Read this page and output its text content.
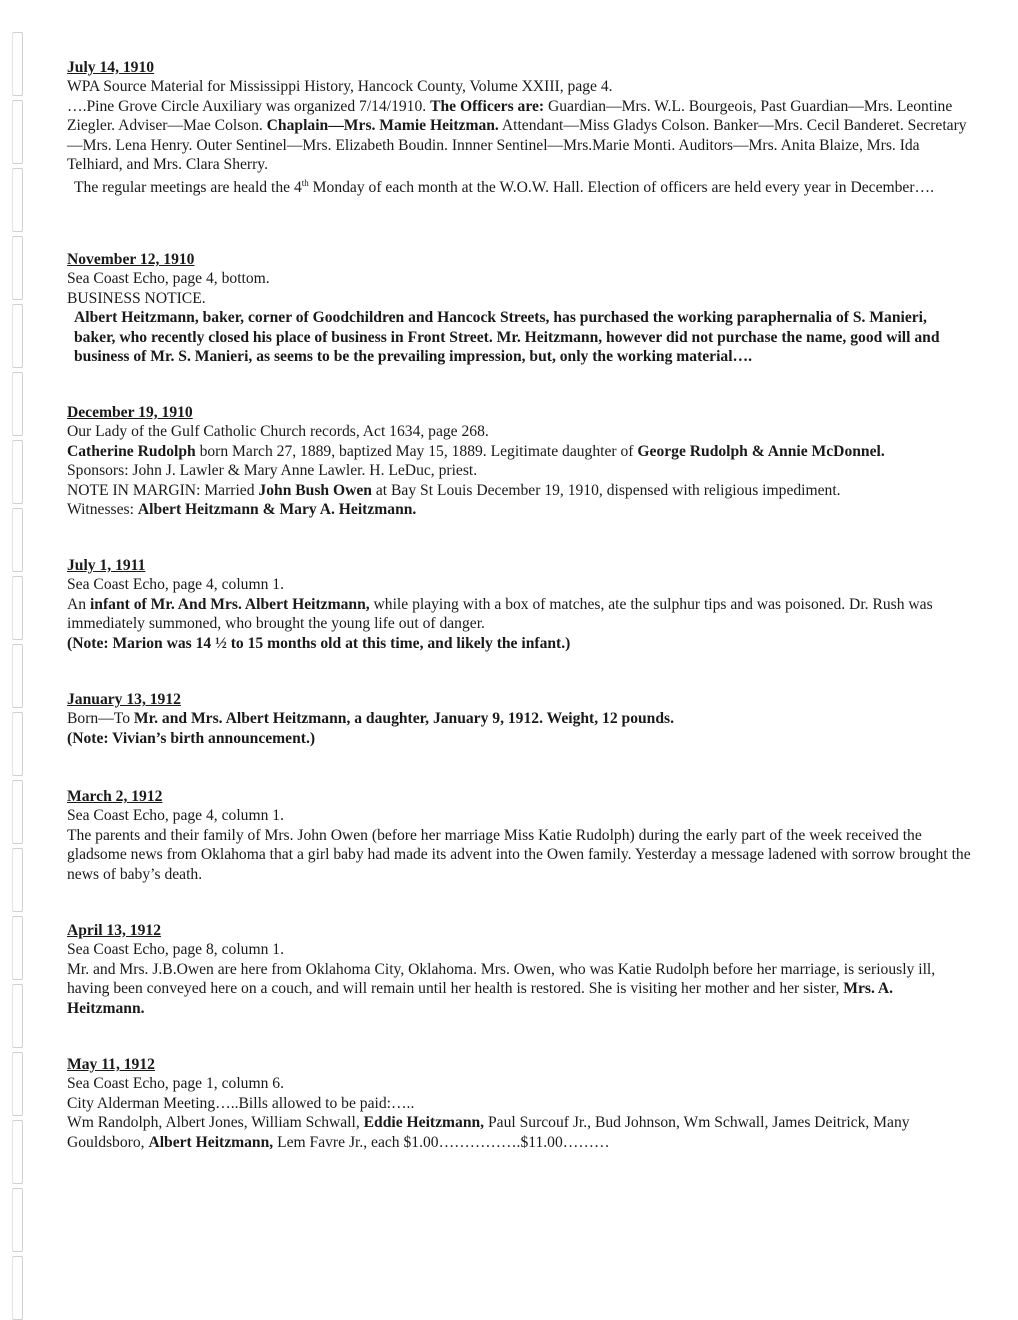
July 14, 1910

WPA Source Material for Mississippi History, Hancock County, Volume XXIII, page 4.

….Pine Grove Circle Auxiliary was organized 7/14/1910. The Officers are: Guardian—Mrs. W.L. Bourgeois, Past Guardian—Mrs. Leontine Ziegler. Adviser—Mae Colson. Chaplain—Mrs. Mamie Heitzman. Attendant—Miss Gladys Colson. Banker—Mrs. Cecil Banderet. Secretary—Mrs. Lena Henry. Outer Sentinel—Mrs. Elizabeth Boudin. Innner Sentinel—Mrs.Marie Monti. Auditors—Mrs. Anita Blaize, Mrs. Ida Telhiard, and Mrs. Clara Sherry.

The regular meetings are heald the 4th Monday of each month at the W.O.W. Hall. Election of officers are held every year in December….

November 12, 1910

Sea Coast Echo, page 4, bottom.

BUSINESS NOTICE.

Albert Heitzmann, baker, corner of Goodchildren and Hancock Streets, has purchased the working paraphernalia of S. Manieri, baker, who recently closed his place of business in Front Street. Mr. Heitzmann, however did not purchase the name, good will and business of Mr. S. Manieri, as seems to be the prevailing impression, but, only the working material….

December 19, 1910

Our Lady of the Gulf Catholic Church records, Act 1634, page 268.

Catherine Rudolph born March 27, 1889, baptized May 15, 1889. Legitimate daughter of George Rudolph & Annie McDonnel.

Sponsors: John J. Lawler & Mary Anne Lawler. H. LeDuc, priest.

NOTE IN MARGIN: Married John Bush Owen at Bay St Louis December 19, 1910, dispensed with religious impediment.

Witnesses: Albert Heitzmann & Mary A. Heitzmann.

July 1, 1911

Sea Coast Echo, page 4, column 1.

An infant of Mr. And Mrs. Albert Heitzmann, while playing with a box of matches, ate the sulphur tips and was poisoned. Dr. Rush was immediately summoned, who brought the young life out of danger.

(Note: Marion was 14 ½ to 15 months old at this time, and likely the infant.)

January 13, 1912

Born—To Mr. and Mrs. Albert Heitzmann, a daughter, January 9, 1912. Weight, 12 pounds.

(Note: Vivian’s birth announcement.)

March 2, 1912

Sea Coast Echo, page 4, column 1.

The parents and their family of Mrs. John Owen (before her marriage Miss Katie Rudolph) during the early part of the week received the gladsome news from Oklahoma that a girl baby had made its advent into the Owen family. Yesterday a message ladened with sorrow brought the news of baby’s death.

April 13, 1912

Sea Coast Echo, page 8, column 1.

Mr. and Mrs. J.B.Owen are here from Oklahoma City, Oklahoma. Mrs. Owen, who was Katie Rudolph before her marriage, is seriously ill, having been conveyed here on a couch, and will remain until her health is restored. She is visiting her mother and her sister, Mrs. A. Heitzmann.

May 11, 1912

Sea Coast Echo, page 1, column 6.

City Alderman Meeting…..Bills allowed to be paid:…..

Wm Randolph, Albert Jones, William Schwall, Eddie Heitzmann, Paul Surcouf Jr., Bud Johnson, Wm Schwall, James Deitrick, Many Gouldsboro, Albert Heitzmann, Lem Favre Jr., each $1.00…………….$11.00………
